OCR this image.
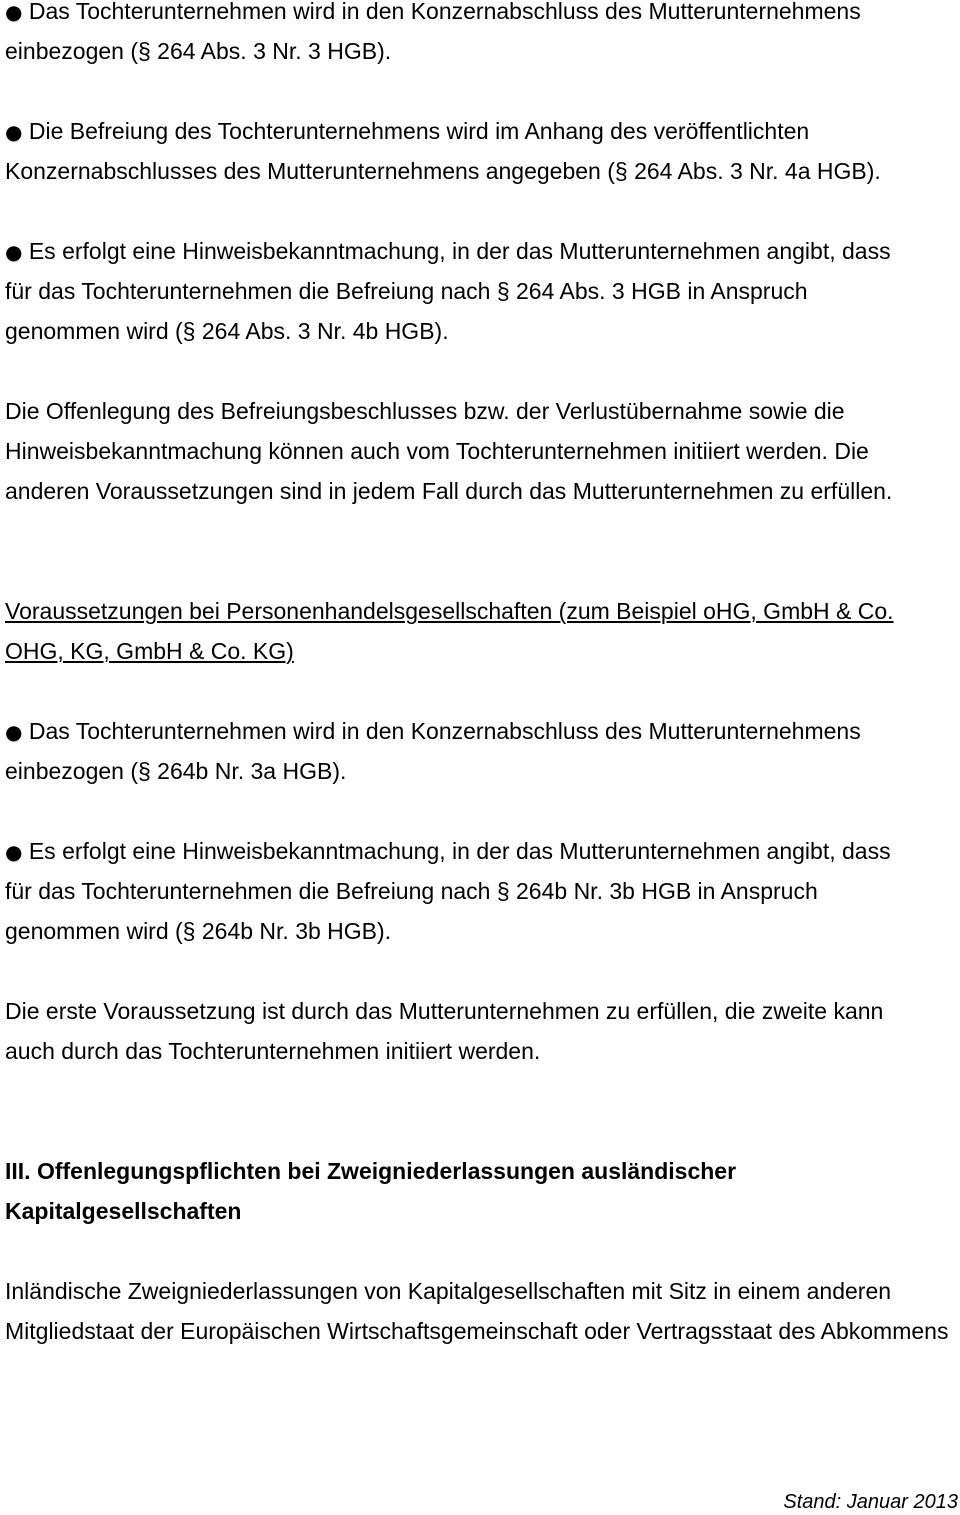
● Das Tochterunternehmen wird in den Konzernabschluss des Mutterunternehmens
einbezogen (§ 264 Abs. 3 Nr. 3 HGB).
● Die Befreiung des Tochterunternehmens wird im Anhang des veröffentlichten
Konzernabschlusses des Mutterunternehmens angegeben (§ 264 Abs. 3 Nr. 4a HGB).
● Es erfolgt eine Hinweisbekanntmachung, in der das Mutterunternehmen angibt, dass
für das Tochterunternehmen die Befreiung nach § 264 Abs. 3 HGB in Anspruch
genommen wird (§ 264 Abs. 3 Nr. 4b HGB).
Die Offenlegung des Befreiungsbeschlusses bzw. der Verlustübernahme sowie die
Hinweisbekanntmachung können auch vom Tochterunternehmen initiiert werden. Die
anderen Voraussetzungen sind in jedem Fall durch das Mutterunternehmen zu erfüllen.
Voraussetzungen bei Personenhandelsgesellschaften (zum Beispiel oHG, GmbH & Co.
OHG, KG, GmbH & Co. KG)
● Das Tochterunternehmen wird in den Konzernabschluss des Mutterunternehmens
einbezogen (§ 264b Nr. 3a HGB).
● Es erfolgt eine Hinweisbekanntmachung, in der das Mutterunternehmen angibt, dass
für das Tochterunternehmen die Befreiung nach § 264b Nr. 3b HGB in Anspruch
genommen wird (§ 264b Nr. 3b HGB).
Die erste Voraussetzung ist durch das Mutterunternehmen zu erfüllen, die zweite kann
auch durch das Tochterunternehmen initiiert werden.
III. Offenlegungspflichten bei Zweigniederlassungen ausländischer
Kapitalgesellschaften
Inländische Zweigniederlassungen von Kapitalgesellschaften mit Sitz in einem anderen
Mitgliedstaat der Europäischen Wirtschaftsgemeinschaft oder Vertragsstaat des Abkommens
Stand: Januar 2013
